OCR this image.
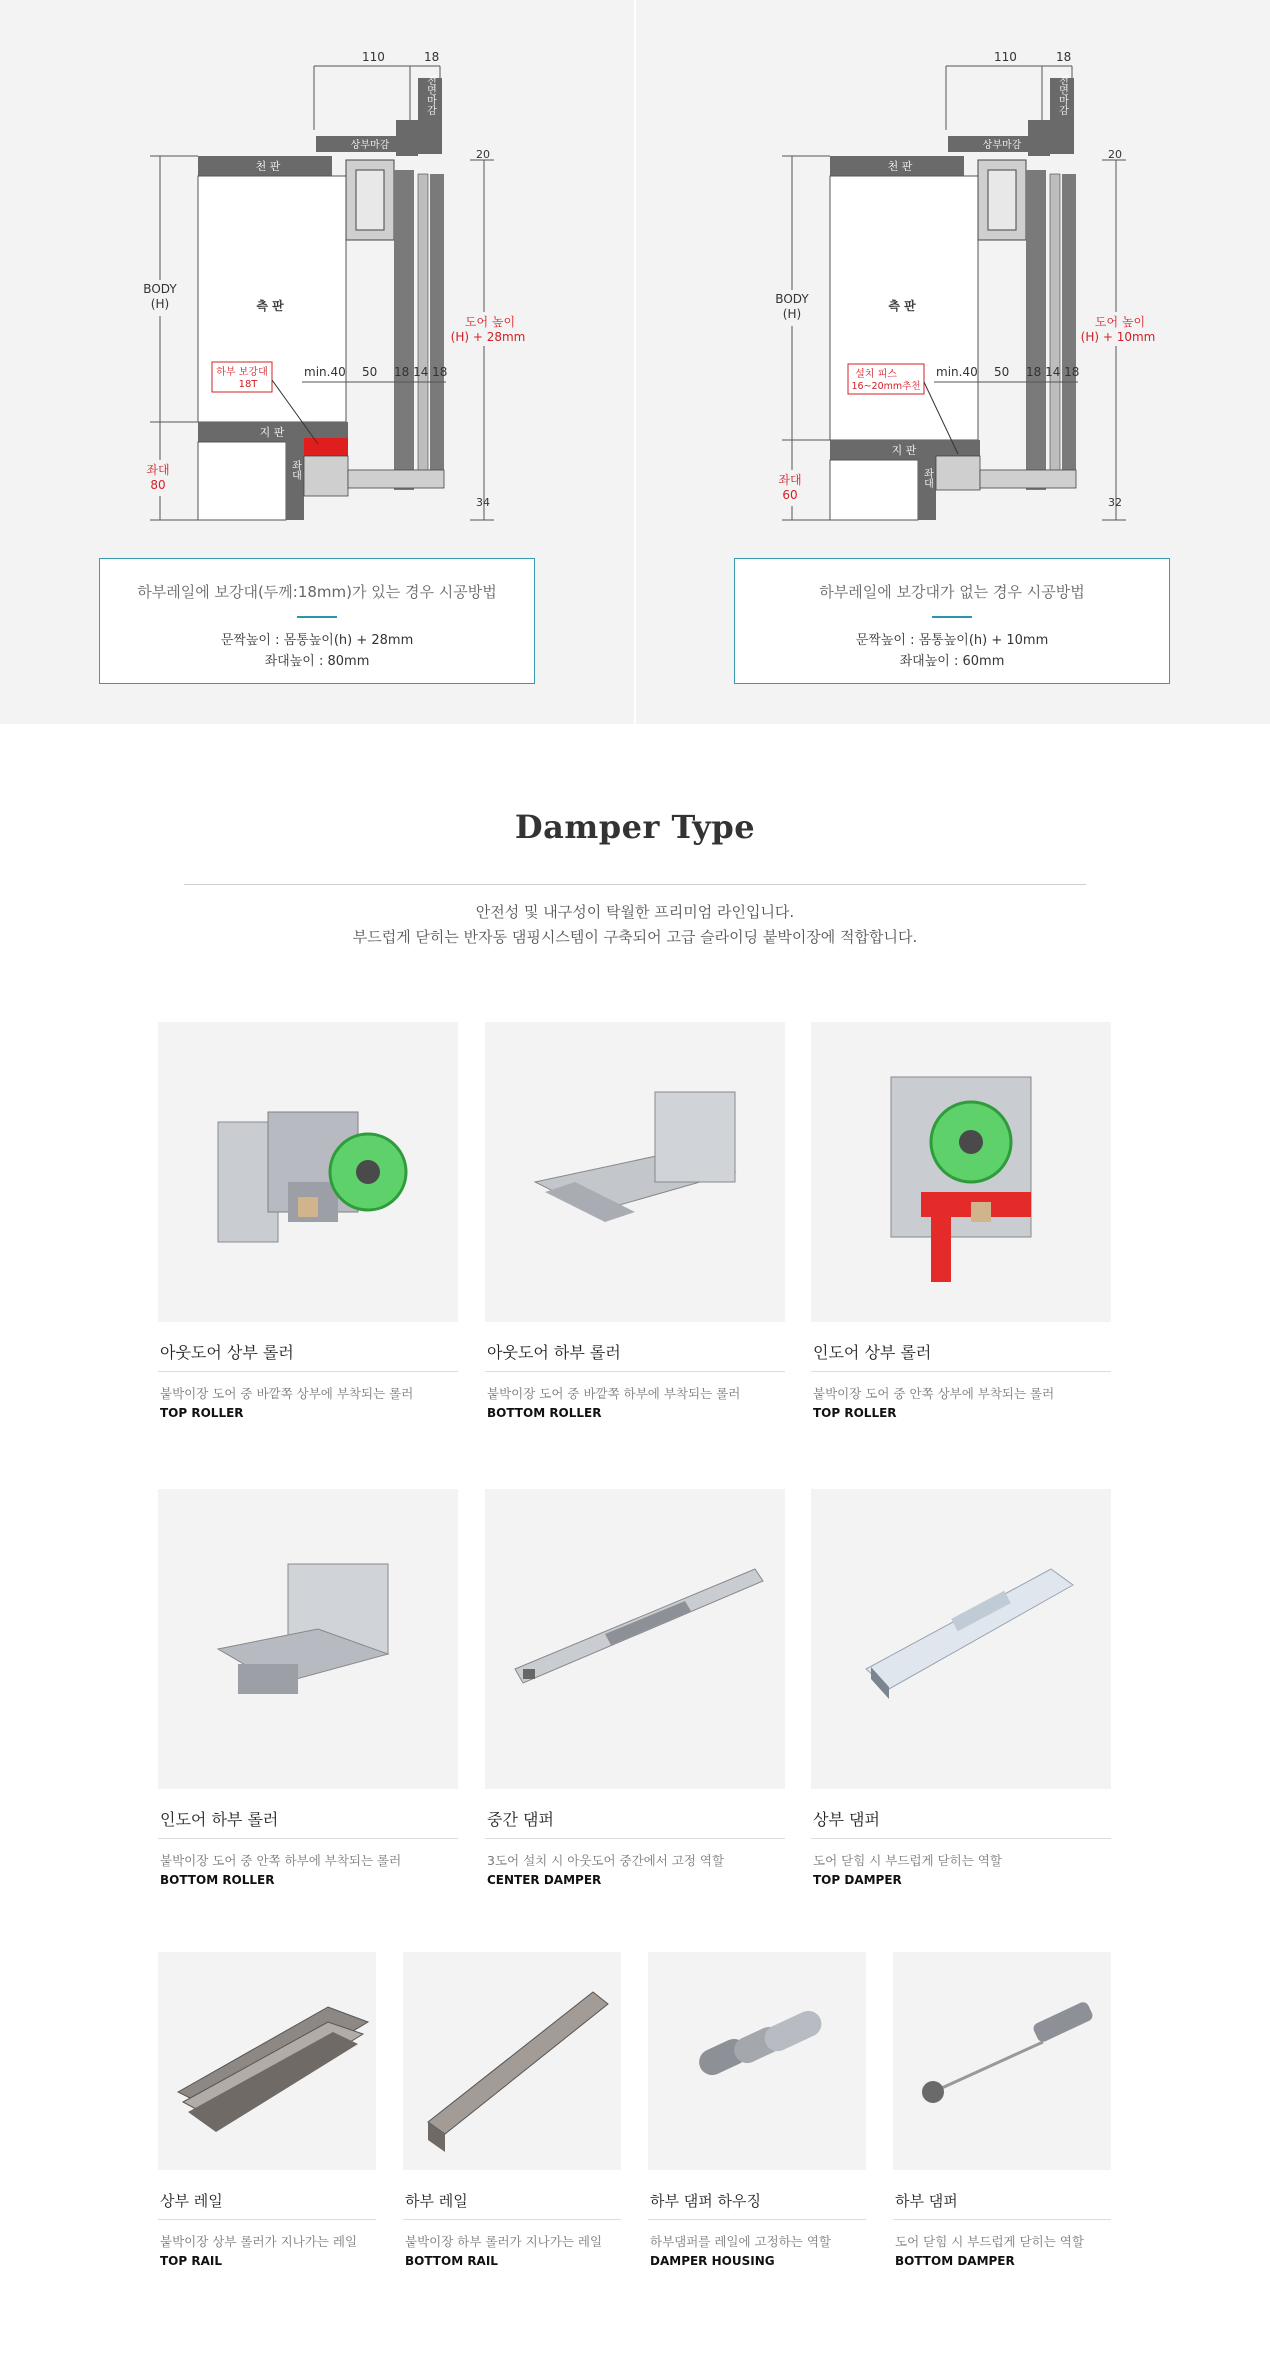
110	18
전면마감
상부마감
천 판
측 판
지 판
좌대
BODY
(H)
좌대
80
20
도어 높이
(H) + 28mm
34
min.40 50 18 14 18
하부 보강대
18T
하부레일에 보강대(두께:18mm)가 있는 경우 시공방법
문짝높이 : 몸통높이(h) + 28mm
좌대높이 : 80mm
110	18
전면마감
상부마감
천 판
측 판
지 판
좌대
BODY
(H)
좌대
60
20
도어 높이
(H) + 10mm
32
min.40 50 18 14 18
설치 피스
16~20mm추천
하부레일에 보강대가 없는 경우 시공방법
문짝높이 : 몸통높이(h) + 10mm
좌대높이 : 60mm
Damper Type
안전성 및 내구성이 탁월한 프리미엄 라인입니다.
부드럽게 닫히는 반자동 댐핑시스템이 구축되어 고급 슬라이딩 붙박이장에 적합합니다.
아웃도어 상부 롤러
붙박이장 도어 중 바깥쪽 상부에 부착되는 롤러
TOP ROLLER
아웃도어 하부 롤러
붙박이장 도어 중 바깥쪽 하부에 부착되는 롤러
BOTTOM ROLLER
인도어 상부 롤러
붙박이장 도어 중 안쪽 상부에 부착되는 롤러
TOP ROLLER
인도어 하부 롤러
붙박이장 도어 중 안쪽 하부에 부착되는 롤러
BOTTOM ROLLER
중간 댐퍼
3도어 설치 시 아웃도어 중간에서 고정 역할
CENTER DAMPER
상부 댐퍼
도어 닫힘 시 부드럽게 닫히는 역할
TOP DAMPER
상부 레일
붙박이장 상부 롤러가 지나가는 레일
TOP RAIL
하부 레일
붙박이장 하부 롤러가 지나가는 레일
BOTTOM RAIL
하부 댐퍼 하우징
하부댐퍼를 레일에 고정하는 역할
DAMPER HOUSING
하부 댐퍼
도어 닫힘 시 부드럽게 닫히는 역할
BOTTOM DAMPER
